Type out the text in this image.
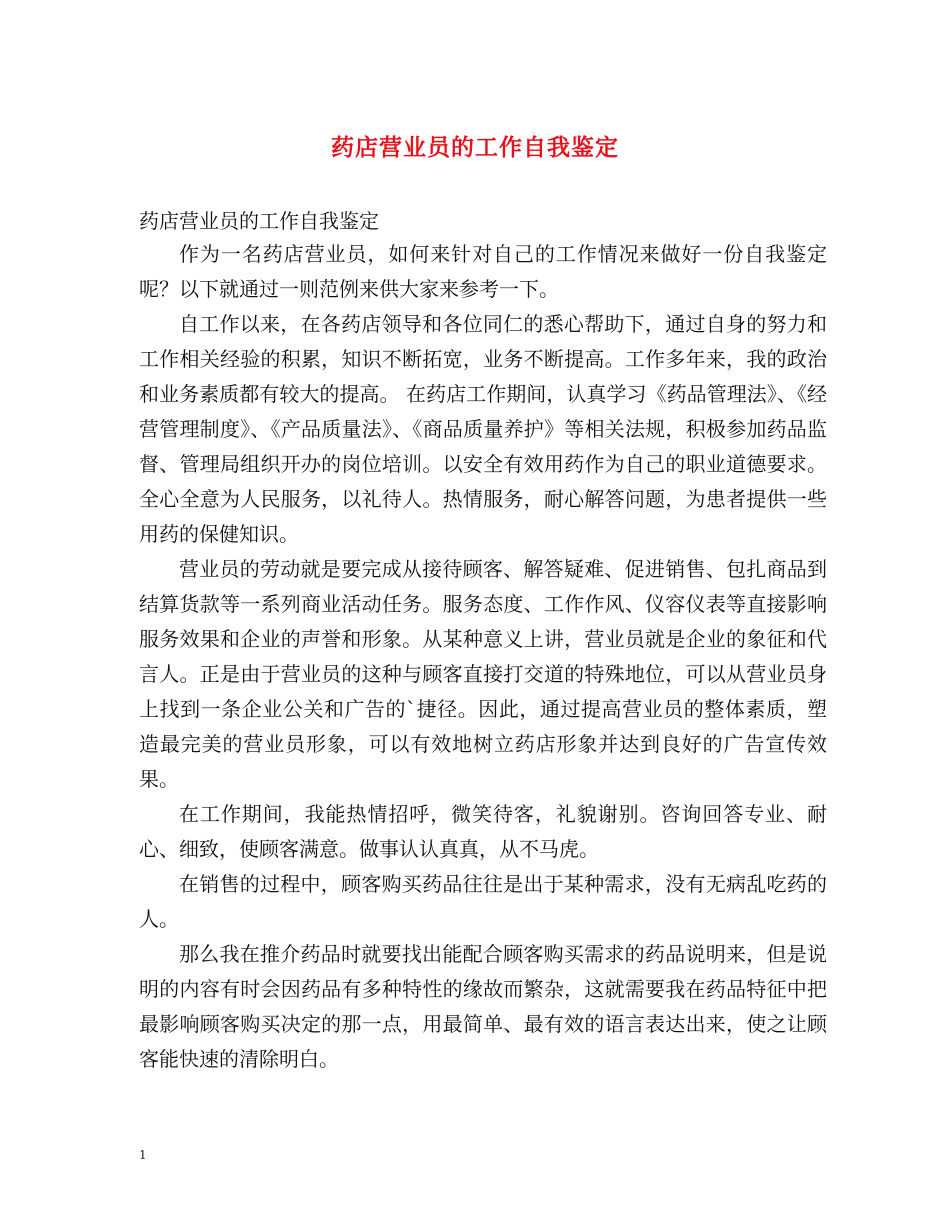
药店营业员的工作自我鉴定

药店营业员的工作自我鉴定

作为一名药店营业员，如何来针对自己的工作情况来做好一份自我鉴定呢？以下就通过一则范例来供大家来参考一下。

自工作以来，在各药店领导和各位同仁的悉心帮助下，通过自身的努力和工作相关经验的积累，知识不断拓宽，业务不断提高。工作多年来，我的政治和业务素质都有较大的提高。 在药店工作期间，认真学习《药品管理法》、《经营管理制度》、《产品质量法》、《商品质量养护》等相关法规，积极参加药品监督、管理局组织开办的岗位培训。以安全有效用药作为自己的职业道德要求。全心全意为人民服务，以礼待人。热情服务，耐心解答问题，为患者提供一些用药的保健知识。

营业员的劳动就是要完成从接待顾客、解答疑难、促进销售、包扎商品到结算货款等一系列商业活动任务。服务态度、工作作风、仪容仪表等直接影响服务效果和企业的声誉和形象。从某种意义上讲，营业员就是企业的象征和代言人。正是由于营业员的这种与顾客直接打交道的特殊地位，可以从营业员身上找到一条企业公关和广告的`捷径。因此，通过提高营业员的整体素质，塑造最完美的营业员形象，可以有效地树立药店形象并达到良好的广告宣传效果。

在工作期间，我能热情招呼，微笑待客，礼貌谢别。咨询回答专业、耐心、细致，使顾客满意。做事认认真真，从不马虎。

在销售的过程中，顾客购买药品往往是出于某种需求，没有无病乱吃药的人。

那么我在推介药品时就要找出能配合顾客购买需求的药品说明来，但是说明的内容有时会因药品有多种特性的缘故而繁杂，这就需要我在药品特征中把最影响顾客购买决定的那一点，用最简单、最有效的语言表达出来，使之让顾客能快速的清除明白。

1
